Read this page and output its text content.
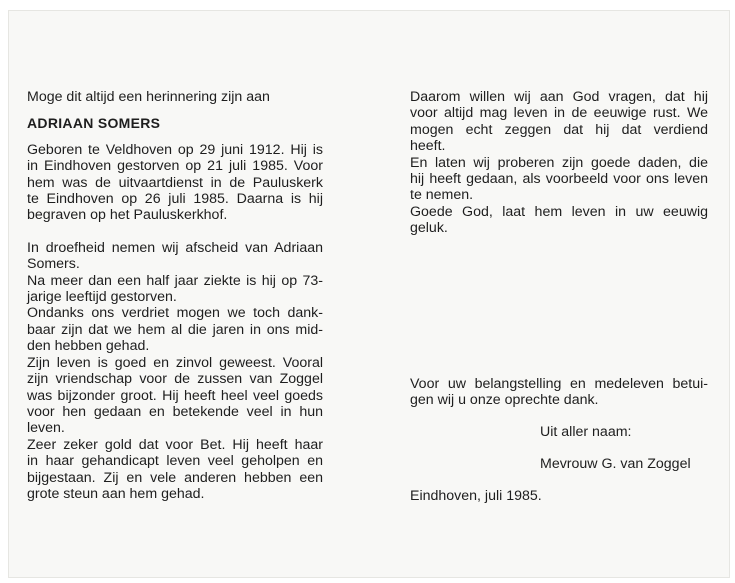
Moge dit altijd een herinnering zijn aan
ADRIAAN SOMERS
Geboren te Veldhoven op 29 juni 1912. Hij is
in Eindhoven gestorven op 21 juli 1985. Voor
hem was de uitvaartdienst in de Pauluskerk
te Eindhoven op 26 juli 1985. Daarna is hij
begraven op het Pauluskerkhof.
In droefheid nemen wij afscheid van Adriaan
Somers.
Na meer dan een half jaar ziekte is hij op 73-
jarige leeftijd gestorven.
Ondanks ons verdriet mogen we toch dank-
baar zijn dat we hem al die jaren in ons mid-
den hebben gehad.
Zijn leven is goed en zinvol geweest. Vooral
zijn vriendschap voor de zussen van Zoggel
was bijzonder groot. Hij heeft heel veel goeds
voor hen gedaan en betekende veel in hun
leven.
Zeer zeker gold dat voor Bet. Hij heeft haar
in haar gehandicapt leven veel geholpen en
bijgestaan. Zij en vele anderen hebben een
grote steun aan hem gehad.
Daarom willen wij aan God vragen, dat hij
voor altijd mag leven in de eeuwige rust. We
mogen echt zeggen dat hij dat verdiend
heeft.
En laten wij proberen zijn goede daden, die
hij heeft gedaan, als voorbeeld voor ons leven
te nemen.
Goede God, laat hem leven in uw eeuwig
geluk.
Voor uw belangstelling en medeleven betui-
gen wij u onze oprechte dank.
Uit aller naam:
Mevrouw G. van Zoggel
Eindhoven, juli 1985.
